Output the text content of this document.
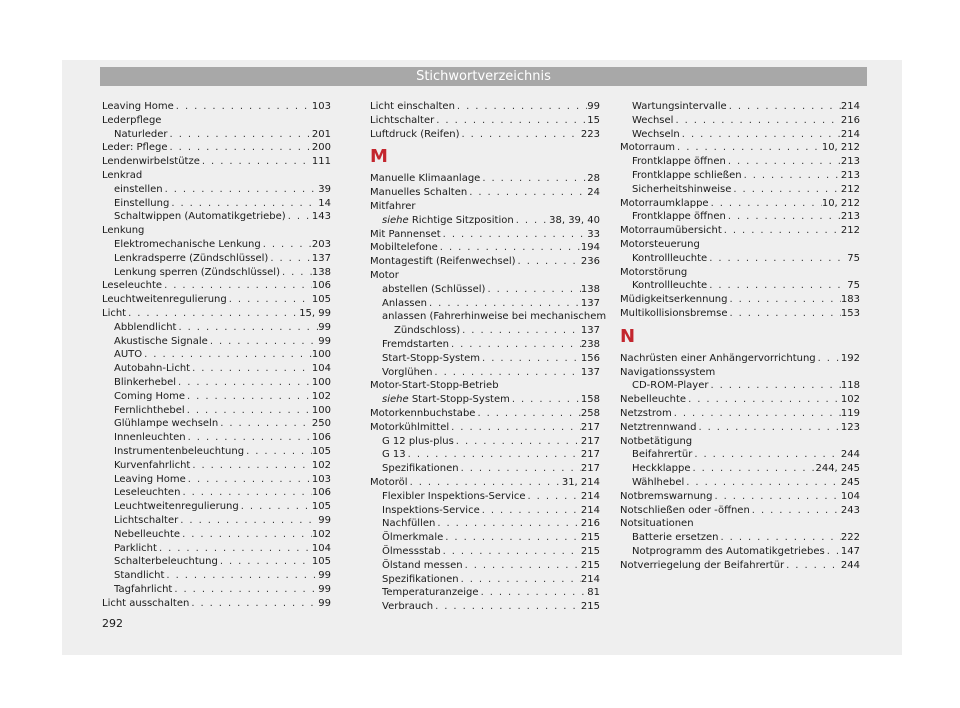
Stichwortverzeichnis
Leaving Home . . .	103
Lederpflege
Naturleder . . .	201
Leder: Pflege . . .	200
Lendenwirbelstütze . . .	111
Lenkrad
einstellen . . .	39
Einstellung . . .	14
Schaltwippen (Automatikgetriebe) . . .	143
Lenkung
Elektromechanische Lenkung . . .	203
Lenkradsperre (Zündschlüssel) . . .	137
Lenkung sperren (Zündschlüssel) . . .	138
Leseleuchte . . .	106
Leuchtweitenregulierung . . .	105
Licht . . .	15, 99
Abblendlicht . . .	99
Akustische Signale . . .	99
AUTO . . .	100
Autobahn-Licht . . .	104
Blinkerhebel . . .	100
Coming Home . . .	102
Fernlichthebel . . .	100
Glühlampe wechseln . . .	250
Innenleuchten . . .	106
Instrumentenbeleuchtung . . .	105
Kurvenfahrlicht . . .	102
Leaving Home . . .	103
Leseleuchten . . .	106
Leuchtweitenregulierung . . .	105
Lichtschalter . . .	99
Nebelleuchte . . .	102
Parklicht . . .	104
Schalterbeleuchtung . . .	105
Standlicht . . .	99
Tagfahrlicht . . .	99
Licht ausschalten . . .	99
Licht einschalten . . .	99
Lichtschalter . . .	15
Luftdruck (Reifen) . . .	223
M
Manuelle Klimaanlage . . .	28
Manuelles Schalten . . .	24
Mitfahrer
siehe Richtige Sitzposition . . .	38, 39, 40
Mit Pannenset . . .	33
Mobiltelefone . . .	194
Montagestift (Reifenwechsel) . . .	236
Motor
abstellen (Schlüssel) . . .	138
Anlassen . . .	137
anlassen (Fahrerhinweise bei mechanischem
Zündschloss) . . .	137
Fremdstarten . . .	238
Start-Stopp-System . . .	156
Vorglühen . . .	137
Motor-Start-Stopp-Betrieb
siehe Start-Stopp-System . . .	158
Motorkennbuchstabe . . .	258
Motorkühlmittel . . .	217
G 12 plus-plus . . .	217
G 13 . . .	217
Spezifikationen . . .	217
Motoröl . . .	31, 214
Flexibler Inspektions-Service . . .	214
Inspektions-Service . . .	214
Nachfüllen . . .	216
Ölmerkmale . . .	215
Ölmessstab . . .	215
Ölstand messen . . .	215
Spezifikationen . . .	214
Temperaturanzeige . . .	81
Verbrauch . . .	215
Wartungsintervalle . . .	214
Wechsel . . .	216
Wechseln . . .	214
Motorraum . . .	10, 212
Frontklappe öffnen . . .	213
Frontklappe schließen . . .	213
Sicherheitshinweise . . .	212
Motorraumklappe . . .	10, 212
Frontklappe öffnen . . .	213
Motorraumübersicht . . .	212
Motorsteuerung
Kontrollleuchte . . .	75
Motorstörung
Kontrollleuchte . . .	75
Müdigkeitserkennung . . .	183
Multikollisionsbremse . . .	153
N
Nachrüsten einer Anhängervorrichtung . . .	192
Navigationssystem
CD-ROM-Player . . .	118
Nebelleuchte . . .	102
Netzstrom . . .	119
Netztrennwand . . .	123
Notbetätigung
Beifahrertür . . .	244
Heckklappe . . .	244, 245
Wählhebel . . .	245
Notbremswarnung . . .	104
Notschließen oder -öffnen . . .	243
Notsituationen
Batterie ersetzen . . .	222
Notprogramm des Automatikgetriebes . . . 147
Notverriegelung der Beifahrertür . . .	244
292
